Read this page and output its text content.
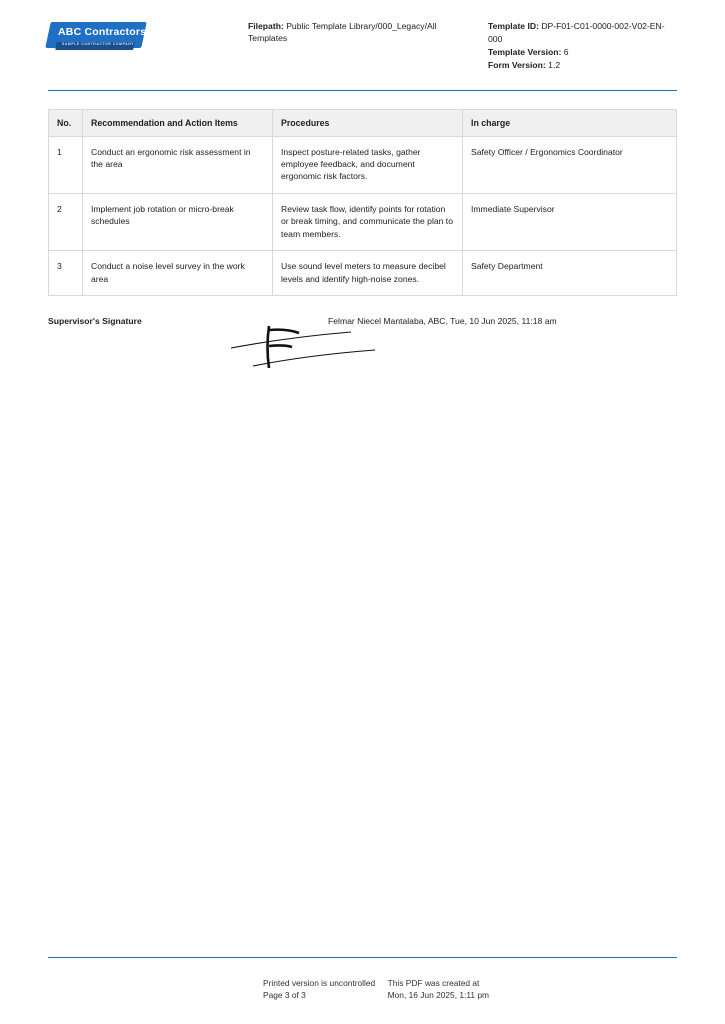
ABC Contractors
SAMPLE CONTRACTOR COMPANY
Filepath: Public Template Library/000_Legacy/All Templates
Template ID: DP-F01-C01-0000-002-V02-EN-000
Template Version: 6
Form Version: 1.2
No.	Recommendation and Action Items	Procedures	In charge
1	Conduct an ergonomic risk assessment in the area	Inspect posture-related tasks, gather employee feedback, and document ergonomic risk factors.	Safety Officer / Ergonomics Coordinator
2	Implement job rotation or micro-break schedules	Review task flow, identify points for rotation or break timing, and communicate the plan to team members.	Immediate Supervisor
3	Conduct a noise level survey in the work area	Use sound level meters to measure decibel levels and identify high-noise zones.	Safety Department
Supervisor's Signature	Felmar Niecel Mantalaba, ABC, Tue, 10 Jun 2025, 11:18 am
Printed version is uncontrolled
Page 3 of 3
This PDF was created at
Mon, 16 Jun 2025, 1:11 pm
